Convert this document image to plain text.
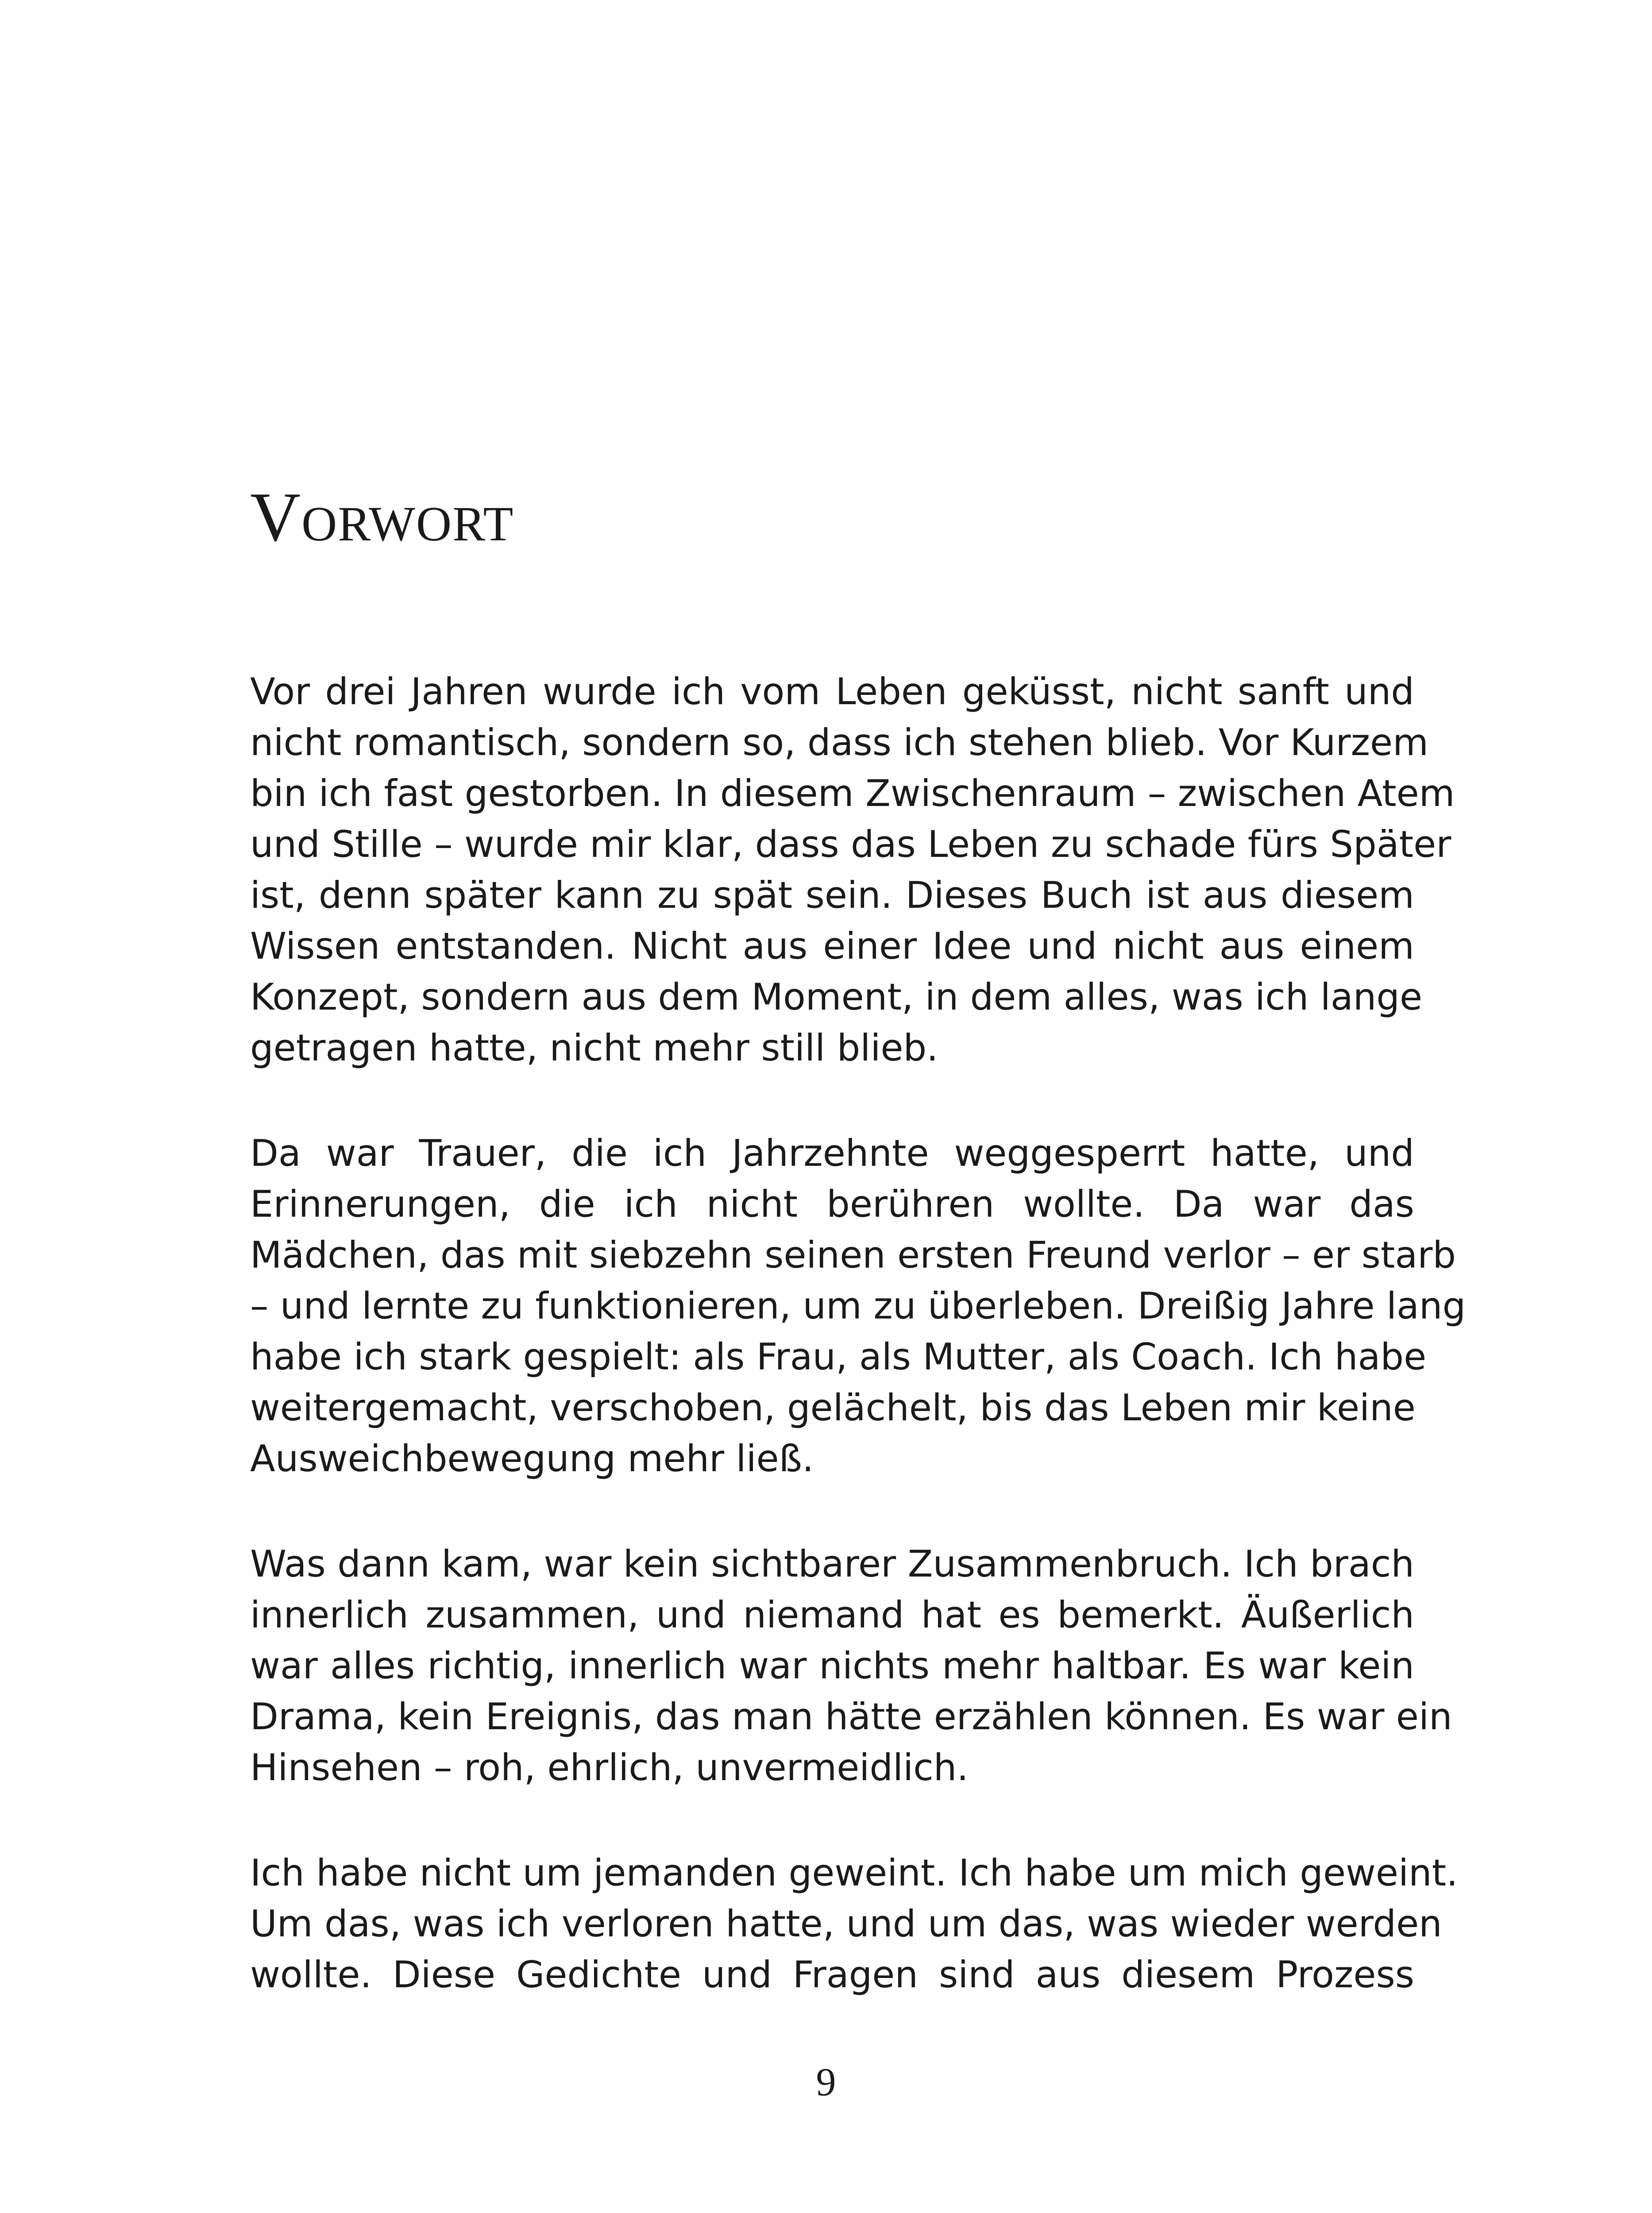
Vorwort

Vor drei Jahren wurde ich vom Leben geküsst, nicht sanft und
nicht romantisch, sondern so, dass ich stehen blieb. Vor Kurzem
bin ich fast gestorben. In diesem Zwischenraum – zwischen Atem
und Stille – wurde mir klar, dass das Leben zu schade fürs Später
ist, denn später kann zu spät sein. Dieses Buch ist aus diesem
Wissen entstanden. Nicht aus einer Idee und nicht aus einem
Konzept, sondern aus dem Moment, in dem alles, was ich lange
getragen hatte, nicht mehr still blieb.

Da war Trauer, die ich Jahrzehnte weggesperrt hatte, und
Erinnerungen, die ich nicht berühren wollte. Da war das
Mädchen, das mit siebzehn seinen ersten Freund verlor – er starb
– und lernte zu funktionieren, um zu überleben. Dreißig Jahre lang
habe ich stark gespielt: als Frau, als Mutter, als Coach. Ich habe
weitergemacht, verschoben, gelächelt, bis das Leben mir keine
Ausweichbewegung mehr ließ.

Was dann kam, war kein sichtbarer Zusammenbruch. Ich brach
innerlich zusammen, und niemand hat es bemerkt. Äußerlich
war alles richtig, innerlich war nichts mehr haltbar. Es war kein
Drama, kein Ereignis, das man hätte erzählen können. Es war ein
Hinsehen – roh, ehrlich, unvermeidlich.

Ich habe nicht um jemanden geweint. Ich habe um mich geweint.
Um das, was ich verloren hatte, und um das, was wieder werden
wollte. Diese Gedichte und Fragen sind aus diesem Prozess

9
